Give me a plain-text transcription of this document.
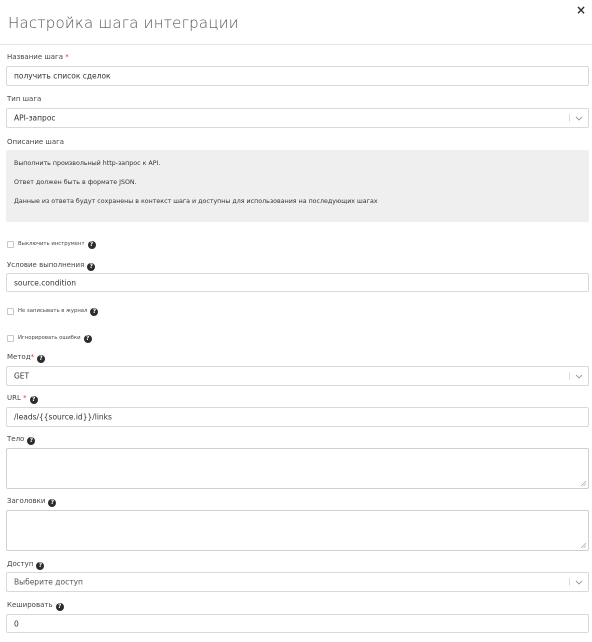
Настройка шага интеграции
×
Название шага *
получить список сделок
Тип шага
API-запрос
Описание шага

Выполнить произвольный http-запрос к API.

Ответ должен быть в формате JSON.

Данные из ответа будут сохранены в контекст шага и доступны для использования на последующих шагах

Выключить инструмент ?
Условие выполнения ?
source.condition
Не записывать в журнал ?
Игнорировать ошибки ?
Метод* ?
GET
URL * ?
/leads/{{source.id}}/links
Тело ?
Заголовки ?
Доступ ?
Выберите доступ
Кешировать ?
0
